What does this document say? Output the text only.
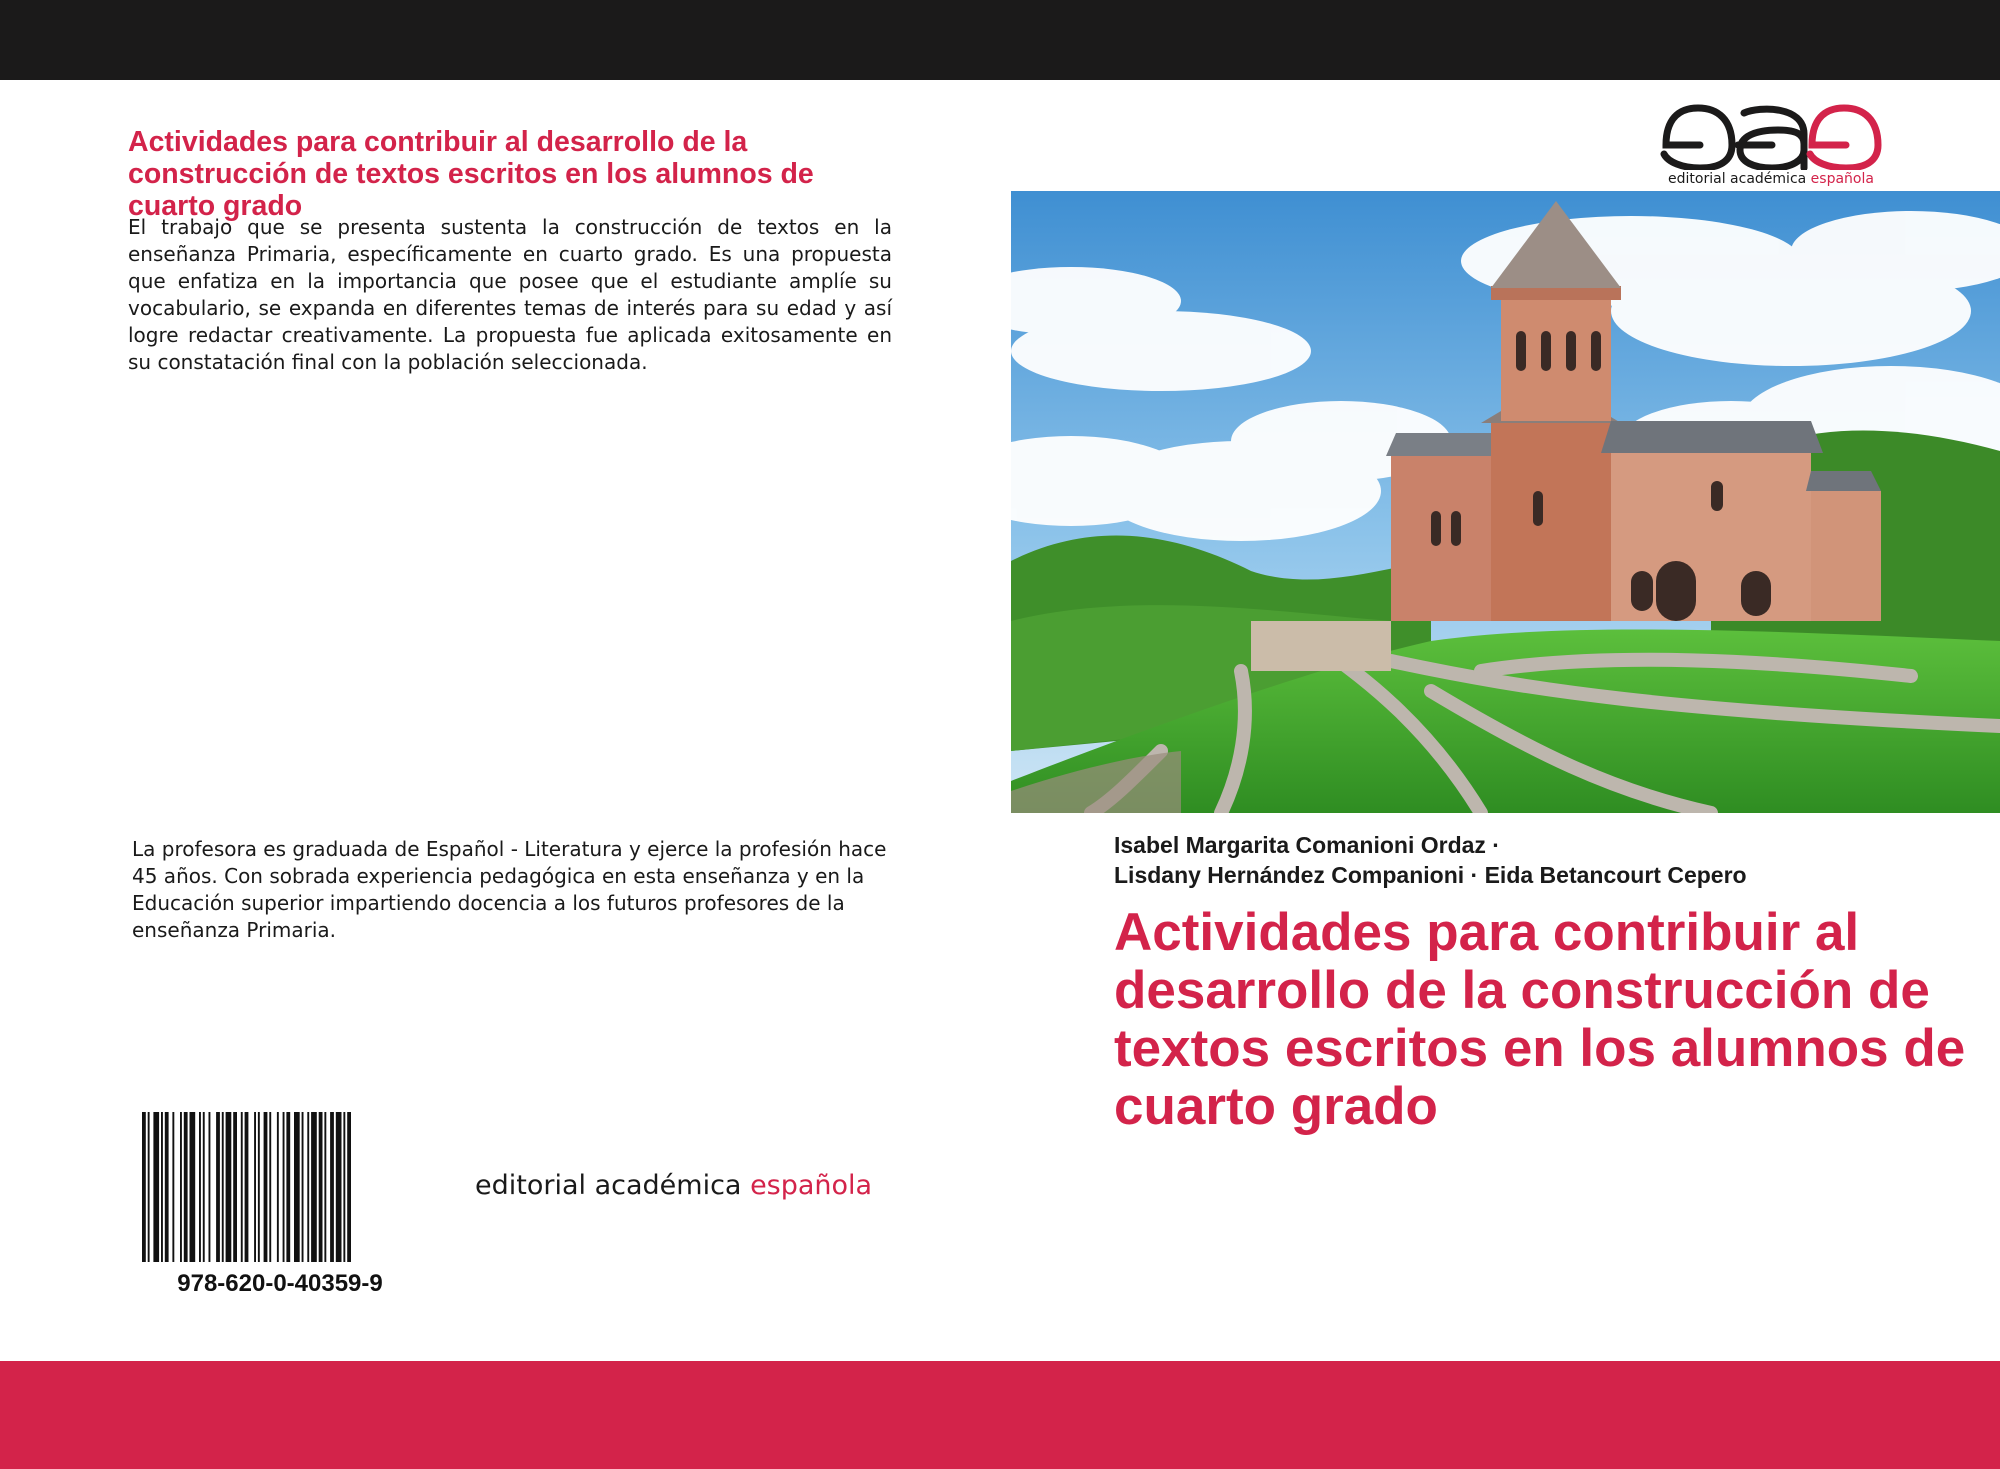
Actividades para contribuir al desarrollo de la construcción de textos escritos en los alumnos de cuarto grado

El trabajo que se presenta sustenta la construcción de textos en la enseñanza Primaria, específicamente en cuarto grado. Es una propuesta que enfatiza en la importancia que posee que el estudiante amplíe su vocabulario, se expanda en diferentes temas de interés para su edad y así logre redactar creativamente. La propuesta fue aplicada exitosamente en su constatación final con la población seleccionada.

La profesora es graduada de Español - Literatura y ejerce la profesión hace 45 años. Con sobrada experiencia pedagógica en esta enseñanza y en la Educación superior impartiendo docencia a los futuros profesores de la enseñanza Primaria.

978-620-0-40359-9
editorial académica española
editorial académica española
Isabel Margarita Comanioni Ordaz ·
Lisdany Hernández Companioni · Eida Betancourt Cepero
Actividades para contribuir al desarrollo de la construcción de textos escritos en los alumnos de cuarto grado
